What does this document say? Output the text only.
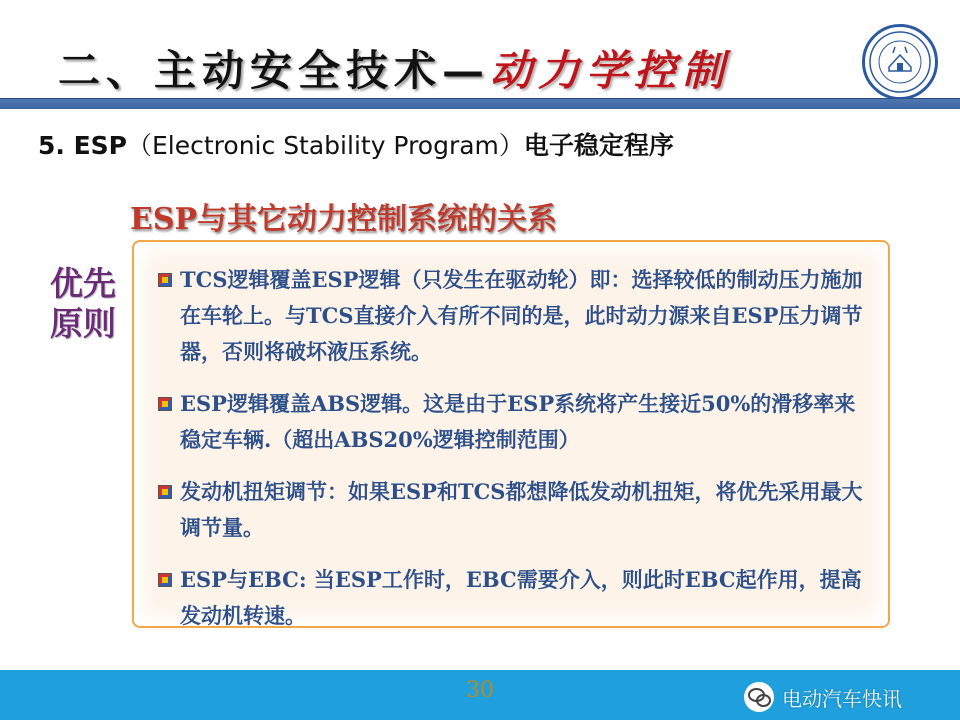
二、主动安全技术—动力学控制
5. ESP（Electronic Stability Program）电子稳定程序
ESP与其它动力控制系统的关系
优先
原则
TCS逻辑覆盖ESP逻辑（只发生在驱动轮）即：选择较低的制动压力施加在车轮上。与TCS直接介入有所不同的是，此时动力源来自ESP压力调节器，否则将破坏液压系统。
ESP逻辑覆盖ABS逻辑。这是由于ESP系统将产生接近50%的滑移率来稳定车辆.（超出ABS20%逻辑控制范围）
发动机扭矩调节：如果ESP和TCS都想降低发动机扭矩，将优先采用最大调节量。
ESP与EBC: 当ESP工作时，EBC需要介入，则此时EBC起作用，提高发动机转速。
30	电动汽车快讯
